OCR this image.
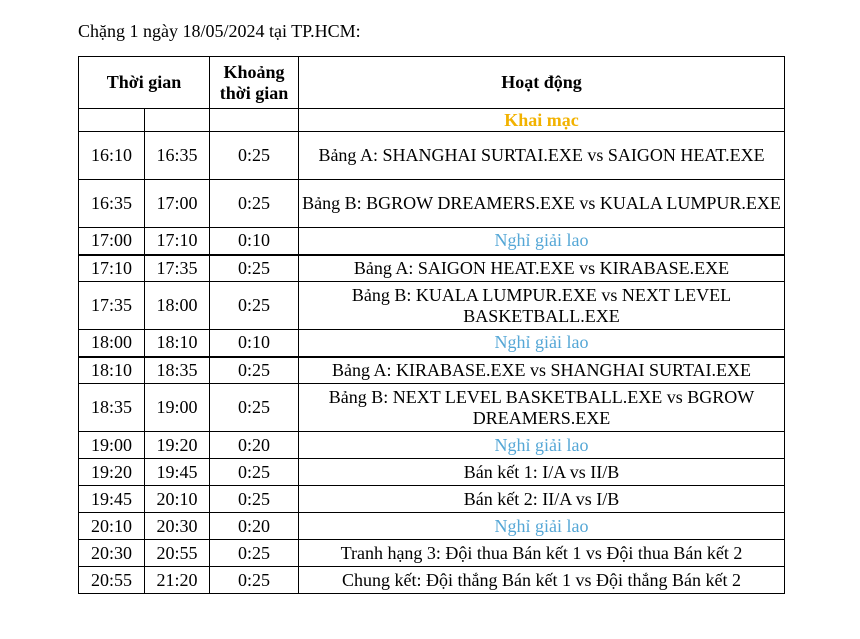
Chặng 1 ngày 18/05/2024 tại TP.HCM:
Thời gian		Khoảng thời gian	Hoạt động
			Khai mạc
16:10	16:35	0:25	Bảng A: SHANGHAI SURTAI.EXE vs SAIGON HEAT.EXE
16:35	17:00	0:25	Bảng B: BGROW DREAMERS.EXE vs KUALA LUMPUR.EXE
17:00	17:10	0:10	Nghỉ giải lao
17:10	17:35	0:25	Bảng A: SAIGON HEAT.EXE vs KIRABASE.EXE
17:35	18:00	0:25	Bảng B: KUALA LUMPUR.EXE vs NEXT LEVEL BASKETBALL.EXE
18:00	18:10	0:10	Nghỉ giải lao
18:10	18:35	0:25	Bảng A: KIRABASE.EXE vs SHANGHAI SURTAI.EXE
18:35	19:00	0:25	Bảng B: NEXT LEVEL BASKETBALL.EXE vs BGROW DREAMERS.EXE
19:00	19:20	0:20	Nghỉ giải lao
19:20	19:45	0:25	Bán kết 1: I/A vs II/B
19:45	20:10	0:25	Bán kết 2: II/A vs I/B
20:10	20:30	0:20	Nghỉ giải lao
20:30	20:55	0:25	Tranh hạng 3: Đội thua Bán kết 1 vs Đội thua Bán kết 2
20:55	21:20	0:25	Chung kết: Đội thắng Bán kết 1 vs Đội thắng Bán kết 2
